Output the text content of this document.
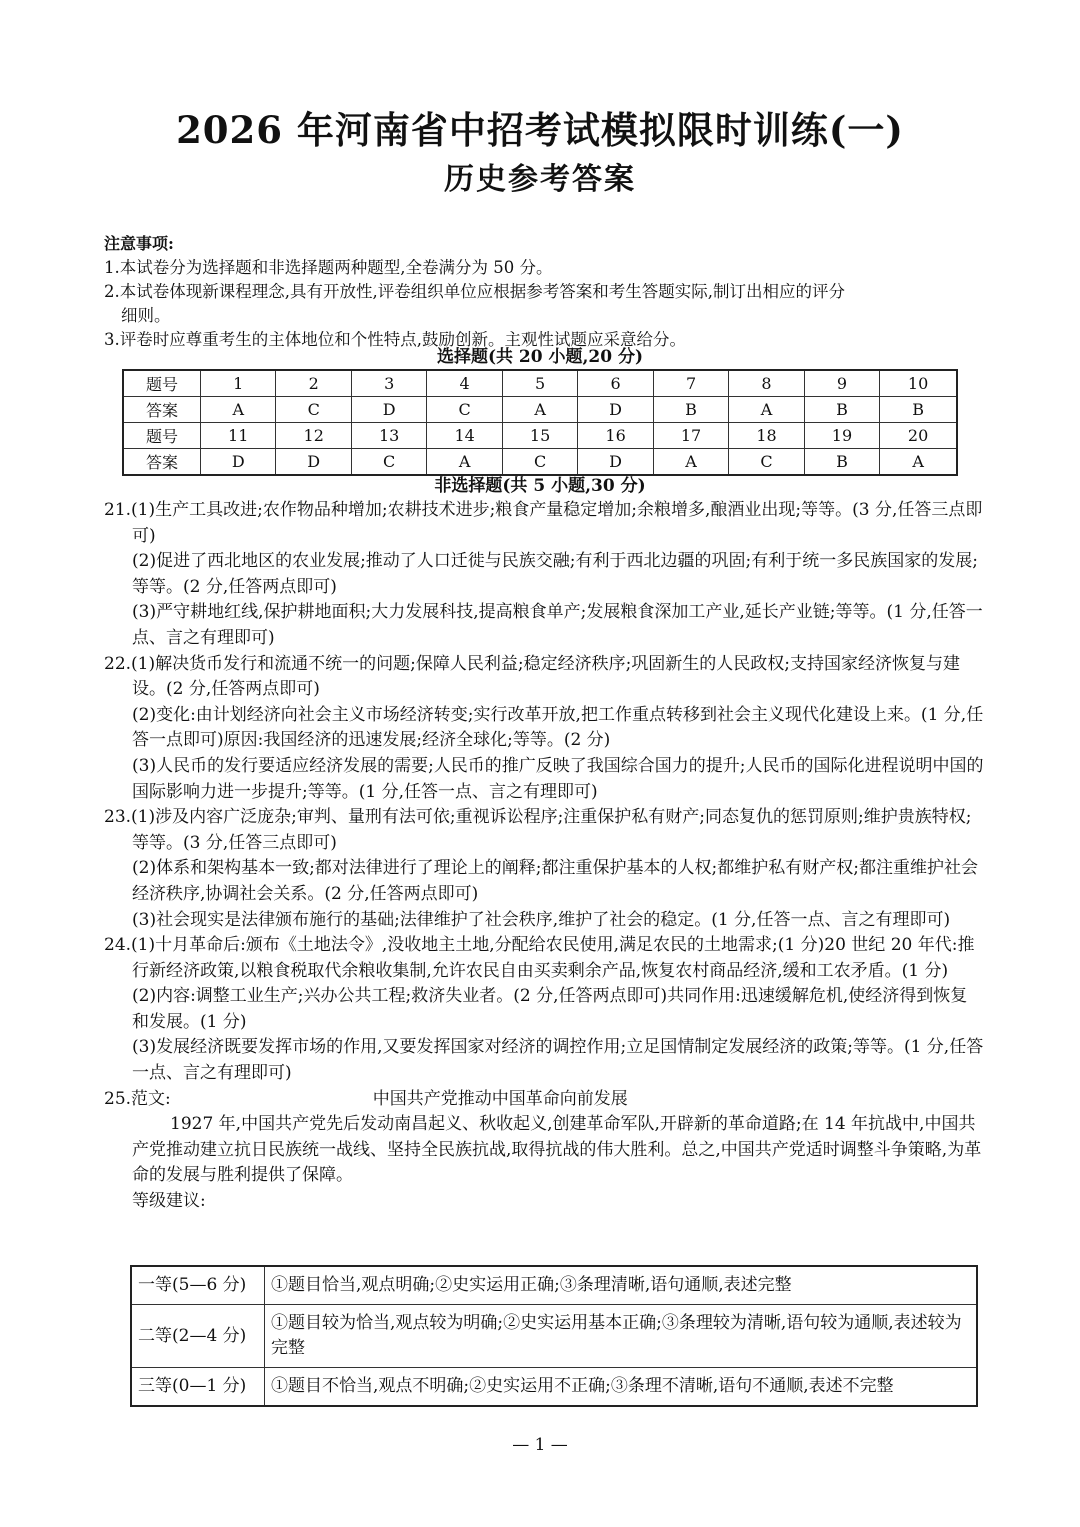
2026 年河南省中招考试模拟限时训练(一)
历史参考答案

注意事项:

1.本试卷分为选择题和非选择题两种题型,全卷满分为 50 分。

2.本试卷体现新课程理念,具有开放性,评卷组织单位应根据参考答案和考生答题实际,制订出相应的评分

细则。

3.评卷时应尊重考生的主体地位和个性特点,鼓励创新。主观性试题应采意给分。

选择题(共 20 小题,20 分)
题号	1	2	3	4	5	6	7	8	9	10
答案	A	C	D	C	A	D	B	A	B	B
题号	11	12	13	14	15	16	17	18	19	20
答案	D	D	C	A	C	D	A	C	B	A
非选择题(共 5 小题,30 分)

21.(1)生产工具改进;农作物品种增加;农耕技术进步;粮食产量稳定增加;余粮增多,酿酒业出现;等等。(3 分,任答三点即可)

(2)促进了西北地区的农业发展;推动了人口迁徙与民族交融;有利于西北边疆的巩固;有利于统一多民族国家的发展;等等。(2 分,任答两点即可)

(3)严守耕地红线,保护耕地面积;大力发展科技,提高粮食单产;发展粮食深加工产业,延长产业链;等等。(1 分,任答一点、言之有理即可)

22.(1)解决货币发行和流通不统一的问题;保障人民利益;稳定经济秩序;巩固新生的人民政权;支持国家经济恢复与建设。(2 分,任答两点即可)

(2)变化:由计划经济向社会主义市场经济转变;实行改革开放,把工作重点转移到社会主义现代化建设上来。(1 分,任答一点即可)原因:我国经济的迅速发展;经济全球化;等等。(2 分)

(3)人民币的发行要适应经济发展的需要;人民币的推广反映了我国综合国力的提升;人民币的国际化进程说明中国的国际影响力进一步提升;等等。(1 分,任答一点、言之有理即可)

23.(1)涉及内容广泛庞杂;审判、量刑有法可依;重视诉讼程序;注重保护私有财产;同态复仇的惩罚原则;维护贵族特权;等等。(3 分,任答三点即可)

(2)体系和架构基本一致;都对法律进行了理论上的阐释;都注重保护基本的人权;都维护私有财产权;都注重维护社会经济秩序,协调社会关系。(2 分,任答两点即可)

(3)社会现实是法律颁布施行的基础;法律维护了社会秩序,维护了社会的稳定。(1 分,任答一点、言之有理即可)

24.(1)十月革命后:颁布《土地法令》,没收地主土地,分配给农民使用,满足农民的土地需求;(1 分)20 世纪 20 年代:推行新经济政策,以粮食税取代余粮收集制,允许农民自由买卖剩余产品,恢复农村商品经济,缓和工农矛盾。(1 分)

(2)内容:调整工业生产;兴办公共工程;救济失业者。(2 分,任答两点即可)共同作用:迅速缓解危机,使经济得到恢复和发展。(1 分)

(3)发展经济既要发挥市场的作用,又要发挥国家对经济的调控作用;立足国情制定发展经济的政策;等等。(1 分,任答一点、言之有理即可)

25.范文:	中国共产党推动中国革命向前发展

1927 年,中国共产党先后发动南昌起义、秋收起义,创建革命军队,开辟新的革命道路;在 14 年抗战中,中国共产党推动建立抗日民族统一战线、坚持全民族抗战,取得抗战的伟大胜利。总之,中国共产党适时调整斗争策略,为革命的发展与胜利提供了保障。

等级建议:

一等(5—6 分)	①题目恰当,观点明确;②史实运用正确;③条理清晰,语句通顺,表述完整
二等(2—4 分)	①题目较为恰当,观点较为明确;②史实运用基本正确;③条理较为清晰,语句较为通顺,表述较为完整
三等(0—1 分)	①题目不恰当,观点不明确;②史实运用不正确;③条理不清晰,语句不通顺,表述不完整
— 1 —
